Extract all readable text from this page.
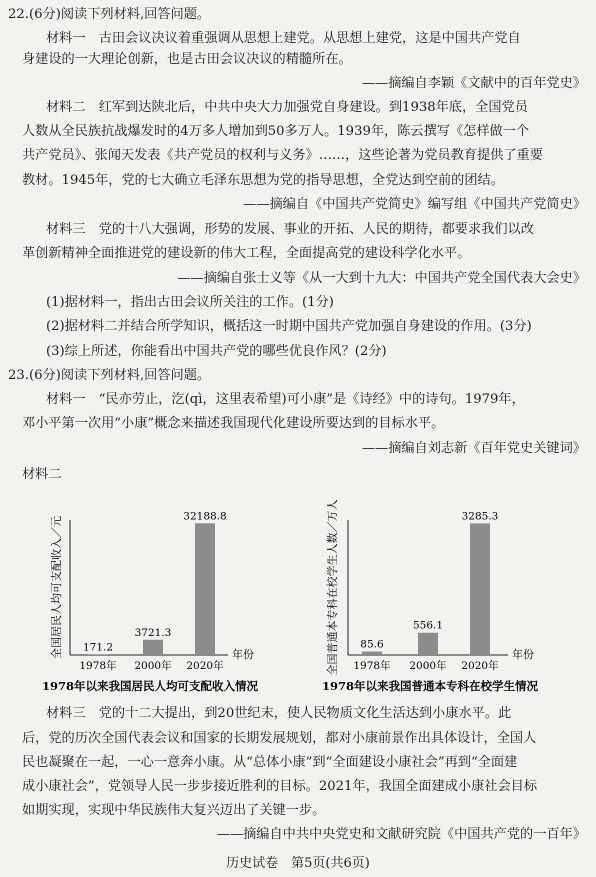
22.(6分)阅读下列材料,回答问题。
材料一　古田会议决议着重强调从思想上建党。从思想上建党，这是中国共产党自
身建设的一大理论创新，也是古田会议决议的精髓所在。
——摘编自李颖《文献中的百年党史》
材料二　红军到达陕北后，中共中央大力加强党自身建设。到1938年底，全国党员
人数从全民族抗战爆发时的4万多人增加到50多万人。1939年，陈云撰写《怎样做一个
共产党员》、张闻天发表《共产党员的权利与义务》……，这些论著为党员教育提供了重要
教材。1945年，党的七大确立毛泽东思想为党的指导思想，全党达到空前的团结。
——摘编自《中国共产党简史》编写组《中国共产党简史》
材料三　党的十八大强调，形势的发展、事业的开拓、人民的期待，都要求我们以改
革创新精神全面推进党的建设新的伟大工程，全面提高党的建设科学化水平。
——摘编自张士义等《从一大到十九大：中国共产党全国代表大会史》
(1)据材料一，指出古田会议所关注的工作。(1分)
(2)据材料二并结合所学知识，概括这一时期中国共产党加强自身建设的作用。(3分)
(3)综上所述，你能看出中国共产党的哪些优良作风？(2分)
23.(6分)阅读下列材料,回答问题。
材料一　“民亦劳止，汔(qì，这里表希望)可小康”是《诗经》中的诗句。1979年，
邓小平第一次用“小康”概念来描述我国现代化建设所要达到的目标水平。
——摘编自刘志新《百年党史关键词》
材料二
全国居民人均可支配收入／元 171.2
1978年
3721.3
2000年
32188.8
2020年
年份
1978年以来我国居民人均可支配收入情况
全国普通本专科在校学生人数／万人 85.6
1978年
556.1
2000年
3285.3
2020年
年份
1978年以来我国普通本专科在校学生情况
材料三　党的十二大提出，到20世纪末，使人民物质文化生活达到小康水平。此
后，党的历次全国代表会议和国家的长期发展规划，都对小康前景作出具体设计，全国人
民也凝聚在一起，一心一意奔小康。从“总体小康”到“全面建设小康社会”再到“全面建
成小康社会”，党领导人民一步步接近胜利的目标。2021年，我国全面建成小康社会目标
如期实现，实现中华民族伟大复兴迈出了关键一步。
——摘编自中共中央党史和文献研究院《中国共产党的一百年》
历史试卷　第5页(共6页)
